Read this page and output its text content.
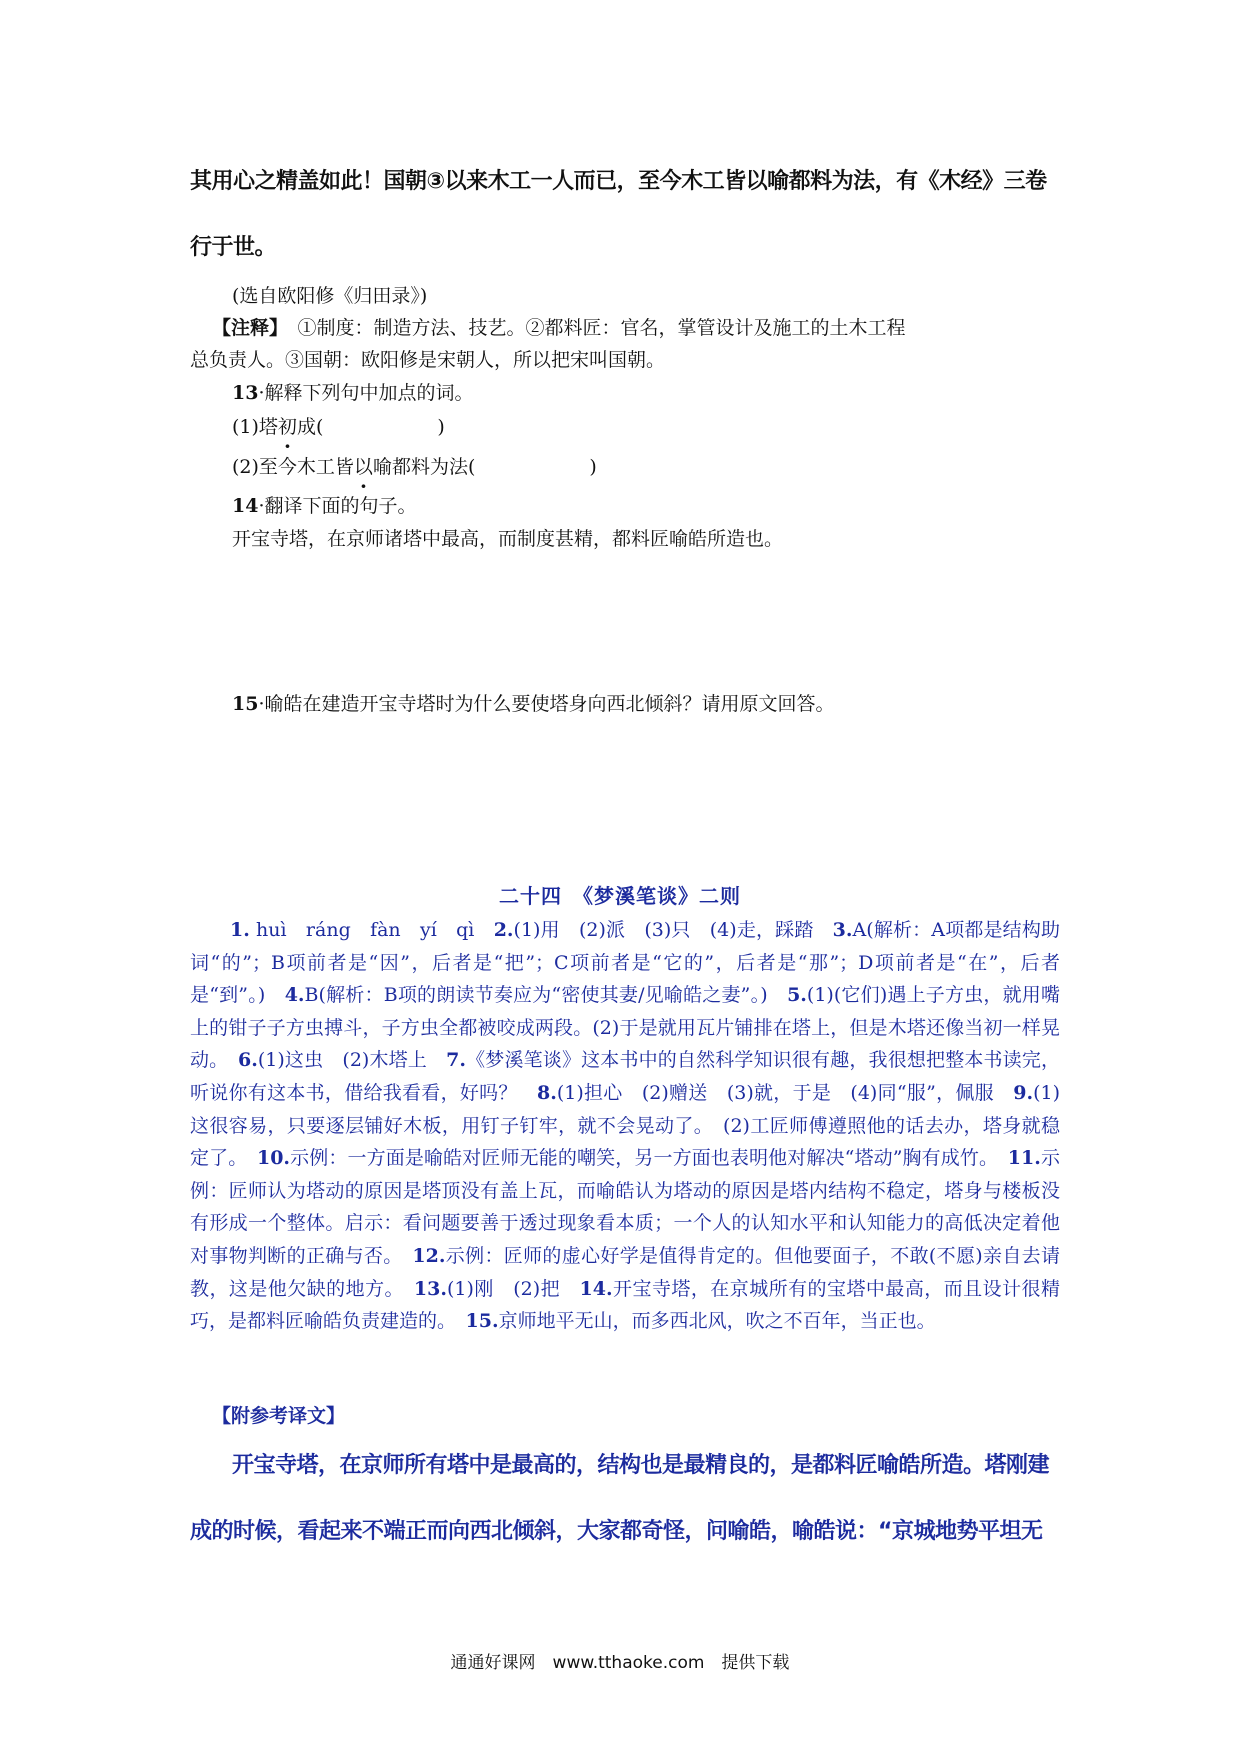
其用心之精盖如此！国朝③以来木工一人而已，至今木工皆以喻都料为法，有《木经》三卷
行于世。
(选自欧阳修《归田录》)
【注释】　 ①制度：制造方法、技艺。②都料匠：官名，掌管设计及施工的土木工程
总负责人。③国朝：欧阳修是宋朝人，所以把宋叫国朝。
13·解释下列句中加点的词。
(1)塔初成(　　　　　　)
(2)至今木工皆以喻都料为法(　　　　　　)
14·翻译下面的句子。
开宝寺塔，在京师诸塔中最高，而制度甚精，都料匠喻皓所造也。
15·喻皓在建造开宝寺塔时为什么要使塔身向西北倾斜？请用原文回答。
二十四　《梦溪笔谈》二则
1. huì　ráng　fàn　yí　qì　2.(1)用　(2)派　(3)只　(4)走，踩踏　3.A(解析：A项都是结构助词“的”；B项前者是“因”，后者是“把”；C项前者是“它的”，后者是“那”；D项前者是“在”，后者是“到”。)　4.B(解析：B项的朗读节奏应为“密使其妻/见喻皓之妻”。)　5.(1)(它们)遇上子方虫，就用嘴上的钳子子方虫搏斗，子方虫全都被咬成两段。(2)于是就用瓦片铺排在塔上，但是木塔还像当初一样晃动。　6.(1)这虫　(2)木塔上　7.《梦溪笔谈》这本书中的自然科学知识很有趣，我很想把整本书读完，听说你有这本书，借给我看看，好吗？　8.(1)担心　(2)赠送　(3)就，于是　(4)同“服”，佩服　9.(1)这很容易，只要逐层铺好木板，用钉子钉牢，就不会晃动了。　(2)工匠师傅遵照他的话去办，塔身就稳定了。　10.示例：一方面是喻皓对匠师无能的嘲笑，另一方面也表明他对解决“塔动”胸有成竹。　11.示例：匠师认为塔动的原因是塔顶没有盖上瓦，而喻皓认为塔动的原因是塔内结构不稳定，塔身与楼板没有形成一个整体。启示：看问题要善于透过现象看本质；一个人的认知水平和认知能力的高低决定着他对事物判断的正确与否。　12.示例：匠师的虚心好学是值得肯定的。但他要面子，不敢(不愿)亲自去请教，这是他欠缺的地方。　13.(1)刚　(2)把　14.开宝寺塔，在京城所有的宝塔中最高，而且设计很精巧，是都料匠喻皓负责建造的。　15.京师地平无山，而多西北风，吹之不百年，当正也。
【附参考译文】
开宝寺塔，在京师所有塔中是最高的，结构也是最精良的，是都料匠喻皓所造。塔刚建
成的时候，看起来不端正而向西北倾斜，大家都奇怪，问喻皓，喻皓说：“京城地势平坦无
通通好课网　www.tthaoke.com　提供下载
